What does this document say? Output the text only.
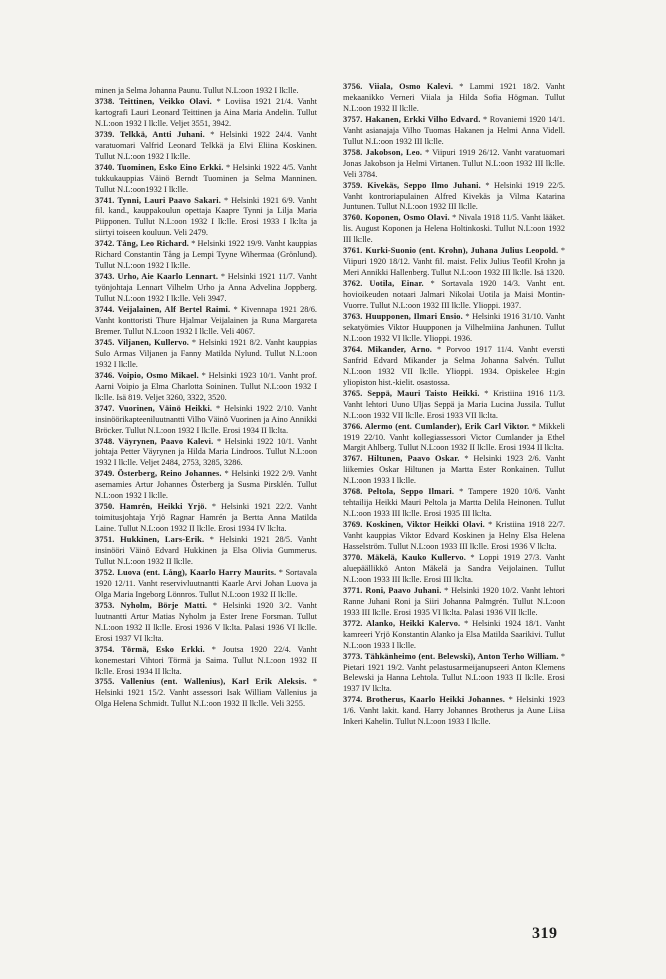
minen ja Selma Johanna Paunu. Tullut N.L:oon 1932 I lk:lle.

3738. Teittinen, Veikko Olavi. * Loviisa 1921 21/4. Vanht kartografi Lauri Leonard Teittinen ja Aina Maria Andelin. Tullut N.L:oon 1932 I lk:lle. Veljet 3551, 3942.

3739. Telkkä, Antti Juhani. * Helsinki 1922 24/4. Vanht varatuomari Valfrid Leonard Telkkä ja Elvi Eliina Koskinen. Tullut N.L:oon 1932 I lk:lle.

3740. Tuominen, Esko Eino Erkki. * Helsinki 1922 4/5. Vanht tukkukauppias Väinö Berndt Tuominen ja Selma Manninen. Tullut N.L:oon1932 I lk:lle.

3741. Tynni, Lauri Paavo Sakari. * Helsinki 1921 6/9. Vanht fil. kand., kauppakoulun opettaja Kaapre Tynni ja Lilja Maria Piipponen. Tullut N.L:oon 1932 I lk:lle. Erosi 1933 I lk:lta ja siirtyi toiseen kouluun. Veli 2479.

3742. Tång, Leo Richard. * Helsinki 1922 19/9. Vanht kauppias Richard Constantin Tång ja Lempi Tyyne Wihermaa (Grönlund). Tullut N.L:oon 1932 I lk:lle.

3743. Urho, Aie Kaarlo Lennart. * Helsinki 1921 11/7. Vanht työnjohtaja Lennart Vilhelm Urho ja Anna Advelina Joppberg. Tullut N.L:oon 1932 I lk:lle. Veli 3947.

3744. Veijalainen, Alf Bertel Raimi. * Kivennapa 1921 28/6. Vanht konttoristi Thure Hjalmar Veijalainen ja Runa Margareta Bremer. Tullut N.L:oon 1932 I lk:lle. Veli 4067.

3745. Viljanen, Kullervo. * Helsinki 1921 8/2. Vanht kauppias Sulo Armas Viljanen ja Fanny Matilda Nylund. Tullut N.L:oon 1932 I lk:lle.

3746. Voipio, Osmo Mikael. * Helsinki 1923 10/1. Vanht prof. Aarni Voipio ja Elma Charlotta Soininen. Tullut N.L:oon 1932 I lk:lle. Isä 819. Veljet 3260, 3322, 3520.

3747. Vuorinen, Väinö Heikki. * Helsinki 1922 2/10. Vanht insinöörikapteeniluutnantti Vilho Väinö Vuorinen ja Aino Annikki Bröcker. Tullut N.L:oon 1932 I lk:lle. Erosi 1934 II lk:lta.

3748. Väyrynen, Paavo Kalevi. * Helsinki 1922 10/1. Vanht johtaja Petter Väyrynen ja Hilda Maria Lindroos. Tullut N.L:oon 1932 I lk:lle. Veljet 2484, 2753, 3285, 3286.

3749. Österberg, Reino Johannes. * Helsinki 1922 2/9. Vanht asemamies Artur Johannes Österberg ja Susma Pirsklén. Tullut N.L:oon 1932 I lk:lle.

3750. Hamrén, Heikki Yrjö. * Helsinki 1921 22/2. Vanht toimitusjohtaja Yrjö Ragnar Hamrén ja Bertta Anna Matilda Laine. Tullut N.L:oon 1932 II lk:lle. Erosi 1934 IV lk:lta.

3751. Hukkinen, Lars-Erik. * Helsinki 1921 28/5. Vanht insinööri Väinö Edvard Hukkinen ja Elsa Olivia Gummerus. Tullut N.L:oon 1932 II lk:lle.

3752. Luova (ent. Lång), Kaarlo Harry Maurits. * Sortavala 1920 12/11. Vanht reservivluutnantti Kaarle Arvi Johan Luova ja Olga Maria Ingeborg Lönnros. Tullut N.L:oon 1932 II lk:lle.

3753. Nyholm, Börje Matti. * Helsinki 1920 3/2. Vanht luutnantti Artur Matias Nyholm ja Ester Irene Forsman. Tullut N.L:oon 1932 II lk:lle. Erosi 1936 V lk:lta. Palasi 1936 VI lk:lle. Erosi 1937 VI lk:lta.

3754. Törmä, Esko Erkki. * Joutsa 1920 22/4. Vanht konemestari Vihtori Törmä ja Saima. Tullut N.L:oon 1932 II lk:lle. Erosi 1934 II lk:lta.

3755. Vallenius (ent. Wallenius), Karl Erik Aleksis. * Helsinki 1921 15/2. Vanht assessori Isak William Vallenius ja Olga Helena Schmidt. Tullut N.L:oon 1932 II lk:lle. Veli 3255.

3756. Viiala, Osmo Kalevi. * Lammi 1921 18/2. Vanht mekaanikko Verneri Viiala ja Hilda Sofia Högman. Tullut N.L:oon 1932 II lk:lle.

3757. Hakanen, Erkki Vilho Edvard. * Rovaniemi 1920 14/1. Vanht asianajaja Vilho Tuomas Hakanen ja Helmi Anna Videll. Tullut N.L:oon 1932 III lk:lle.

3758. Jakobson, Leo. * Viipuri 1919 26/12. Vanht varatuomari Jonas Jakobson ja Helmi Virtanen. Tullut N.L:oon 1932 III lk:lle. Veli 3784.

3759. Kivekäs, Seppo Ilmo Juhani. * Helsinki 1919 22/5. Vanht kontroriapulainen Alfred Kivekäs ja Vilma Katarina Juntunen. Tullut N.L:oon 1932 III lk:lle.

3760. Koponen, Osmo Olavi. * Nivala 1918 11/5. Vanht lääket. lis. August Koponen ja Helena Holtinkoski. Tullut N.L:oon 1932 III lk:lle.

3761. Kurki-Suonio (ent. Krohn), Juhana Julius Leopold. * Viipuri 1920 18/12. Vanht fil. maist. Felix Julius Teofil Krohn ja Meri Annikki Hallenberg. Tullut N.L:oon 1932 III lk:lle. Isä 1320.

3762. Uotila, Einar. * Sortavala 1920 14/3. Vanht ent. hovioikeuden notaari Jalmari Nikolai Uotila ja Maisi Montin-Vuorre. Tullut N.L:oon 1932 III lk:lle. Ylioppi. 1937.

3763. Huupponen, Ilmari Ensio. * Helsinki 1916 31/10. Vanht sekatyömies Viktor Huupponen ja Vilhelmiina Janhunen. Tullut N.L:oon 1932 VI lk:lle. Ylioppi. 1936.

3764. Mikander, Arno. * Porvoo 1917 11/4. Vanht eversti Sanfrid Edvard Mikander ja Selma Johanna Salvén. Tullut N.L:oon 1932 VII lk:lle. Ylioppi. 1934. Opiskelee H:gin yliopiston hist.-kielit. osastossa.

3765. Seppä, Mauri Taisto Heikki. * Kristiina 1916 11/3. Vanht lehtori Uuno Uljas Seppä ja Maria Lucina Jussila. Tullut N.L:oon 1932 VII lk:lle. Erosi 1933 VII lk:lta.

3766. Alermo (ent. Cumlander), Erik Carl Viktor. * Mikkeli 1919 22/10. Vanht kollegiassessori Victor Cumlander ja Ethel Margit Ahlberg. Tullut N.L:oon 1932 II lk:lle. Erosi 1934 II lk:lta.

3767. Hiltunen, Paavo Oskar. * Helsinki 1923 2/6. Vanht liikemies Oskar Hiltunen ja Martta Ester Ronkainen. Tullut N.L:oon 1933 I lk:lle.

3768. Peltola, Seppo Ilmari. * Tampere 1920 10/6. Vanht tehtailija Heikki Mauri Peltola ja Martta Delila Heinonen. Tullut N.L:oon 1933 III lk:lle. Erosi 1935 III lk:lta.

3769. Koskinen, Viktor Heikki Olavi. * Kristiina 1918 22/7. Vanht kauppias Viktor Edvard Koskinen ja Helny Elsa Helena Hasselström. Tullut N.L:oon 1933 III lk:lle. Erosi 1936 V lk:lta.

3770. Mäkelä, Kauko Kullervo. * Loppi 1919 27/3. Vanht aluepäällikkö Anton Mäkelä ja Sandra Veijolainen. Tullut N.L:oon 1933 III lk:lle. Erosi III lk:lta.

3771. Roni, Paavo Juhani. * Helsinki 1920 10/2. Vanht lehtori Ranne Juhani Roni ja Siiri Johanna Palmgrén. Tullut N.L:oon 1933 III lk:lle. Erosi 1935 VI lk:lta. Palasi 1936 VII lk:lle.

3772. Alanko, Heikki Kalervo. * Helsinki 1924 18/1. Vanht kamreeri Yrjö Konstantin Alanko ja Elsa Matilda Saarikivi. Tullut N.L:oon 1933 I lk:lle.

3773. Tähkänheimo (ent. Belewski), Anton Terho William. * Pietari 1921 19/2. Vanht pelastusarmeijanupseeri Anton Klemens Belewski ja Hanna Lehtola. Tullut N.L:oon 1933 II lk:lle. Erosi 1937 IV lk:lta.

3774. Brotherus, Kaarlo Heikki Johannes. * Helsinki 1923 1/6. Vanht lakit. kand. Harry Johannes Brotherus ja Aune Liisa Inkeri Kahelin. Tullut N.L:oon 1933 I lk:lle.

319
